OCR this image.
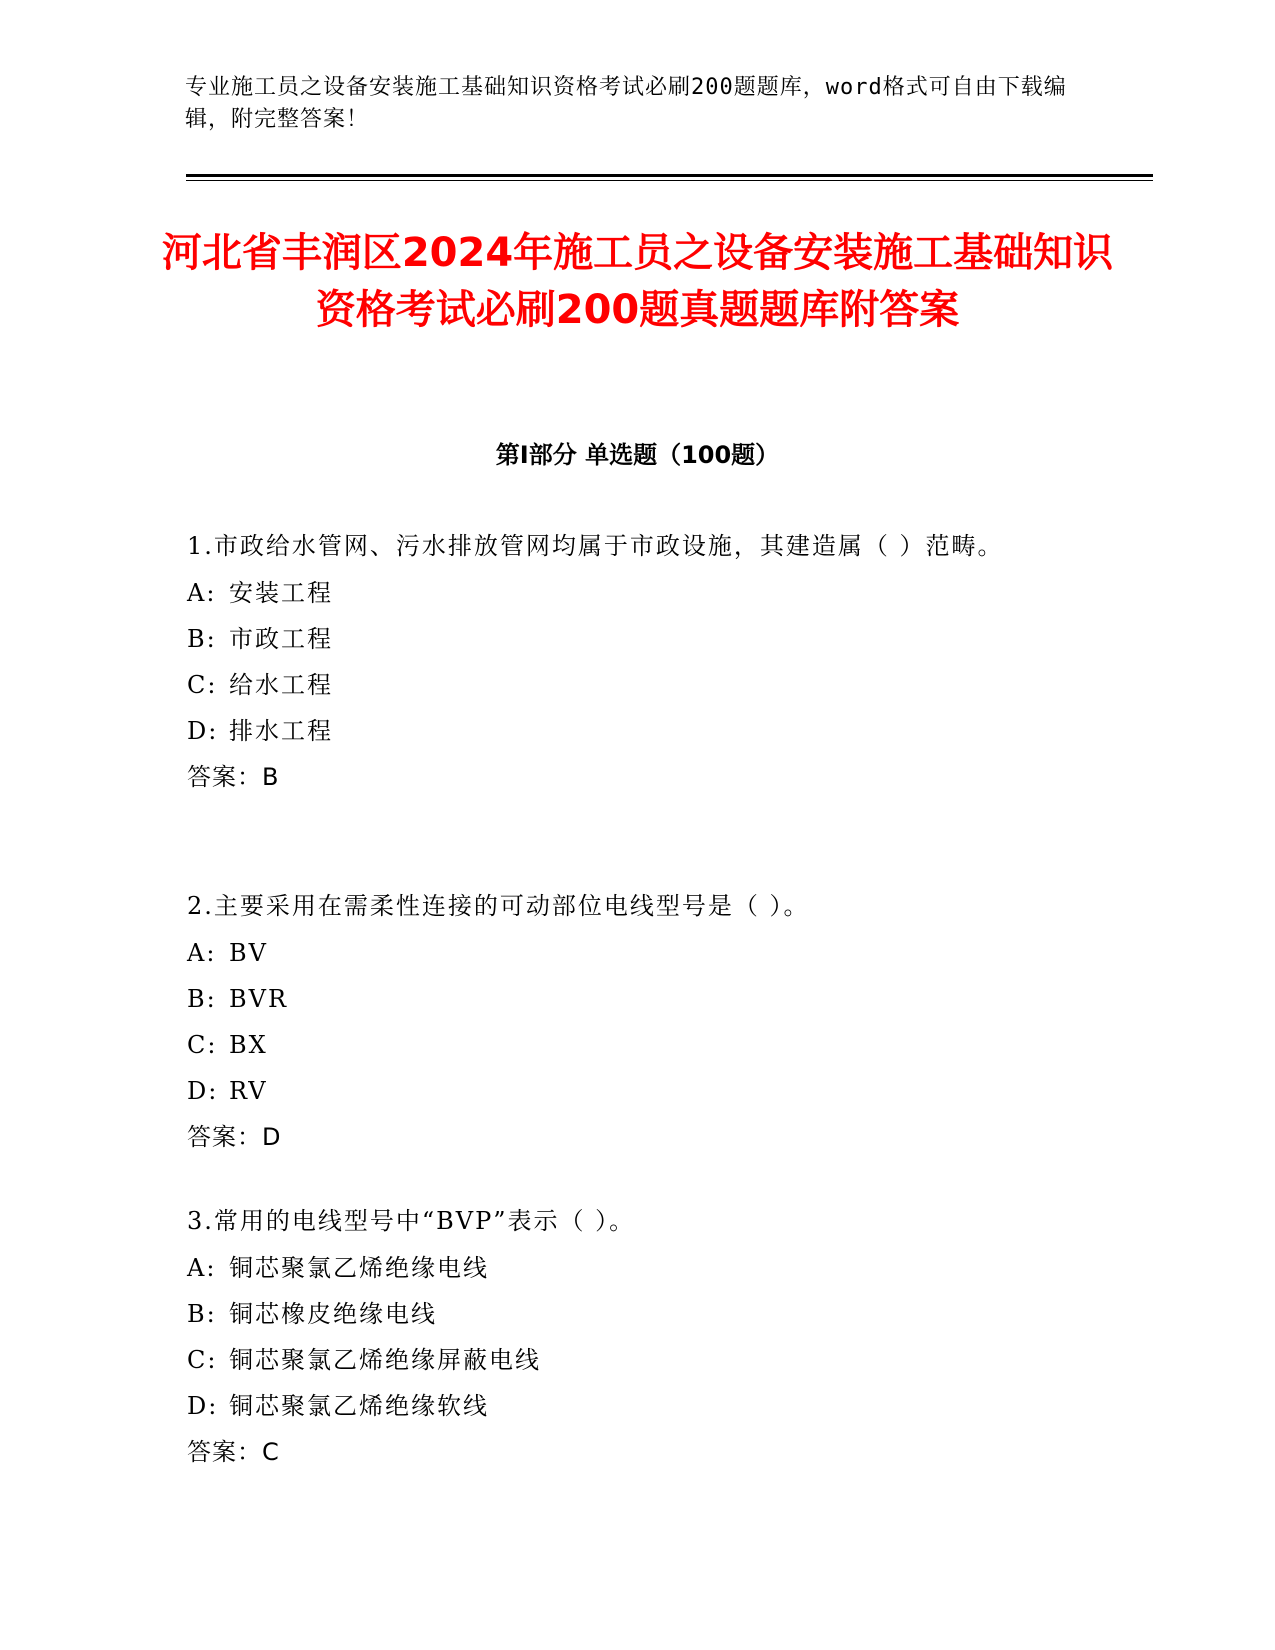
专业施工员之设备安装施工基础知识资格考试必刷200题题库，word格式可自由下载编辑，附完整答案！
河北省丰润区2024年施工员之设备安装施工基础知识资格考试必刷200题真题题库附答案
第Ⅰ部分 单选题（100题）

1.市政给水管网、污水排放管网均属于市政设施，其建造属（ ）范畴。

A: 安装工程

B: 市政工程

C: 给水工程

D: 排水工程

答案：B

2.主要采用在需柔性连接的可动部位电线型号是（ ）。

A: BV

B: BVR

C: BX

D: RV

答案：D

3.常用的电线型号中“BVP”表示（ ）。

A: 铜芯聚氯乙烯绝缘电线

B: 铜芯橡皮绝缘电线

C: 铜芯聚氯乙烯绝缘屏蔽电线

D: 铜芯聚氯乙烯绝缘软线

答案：C
